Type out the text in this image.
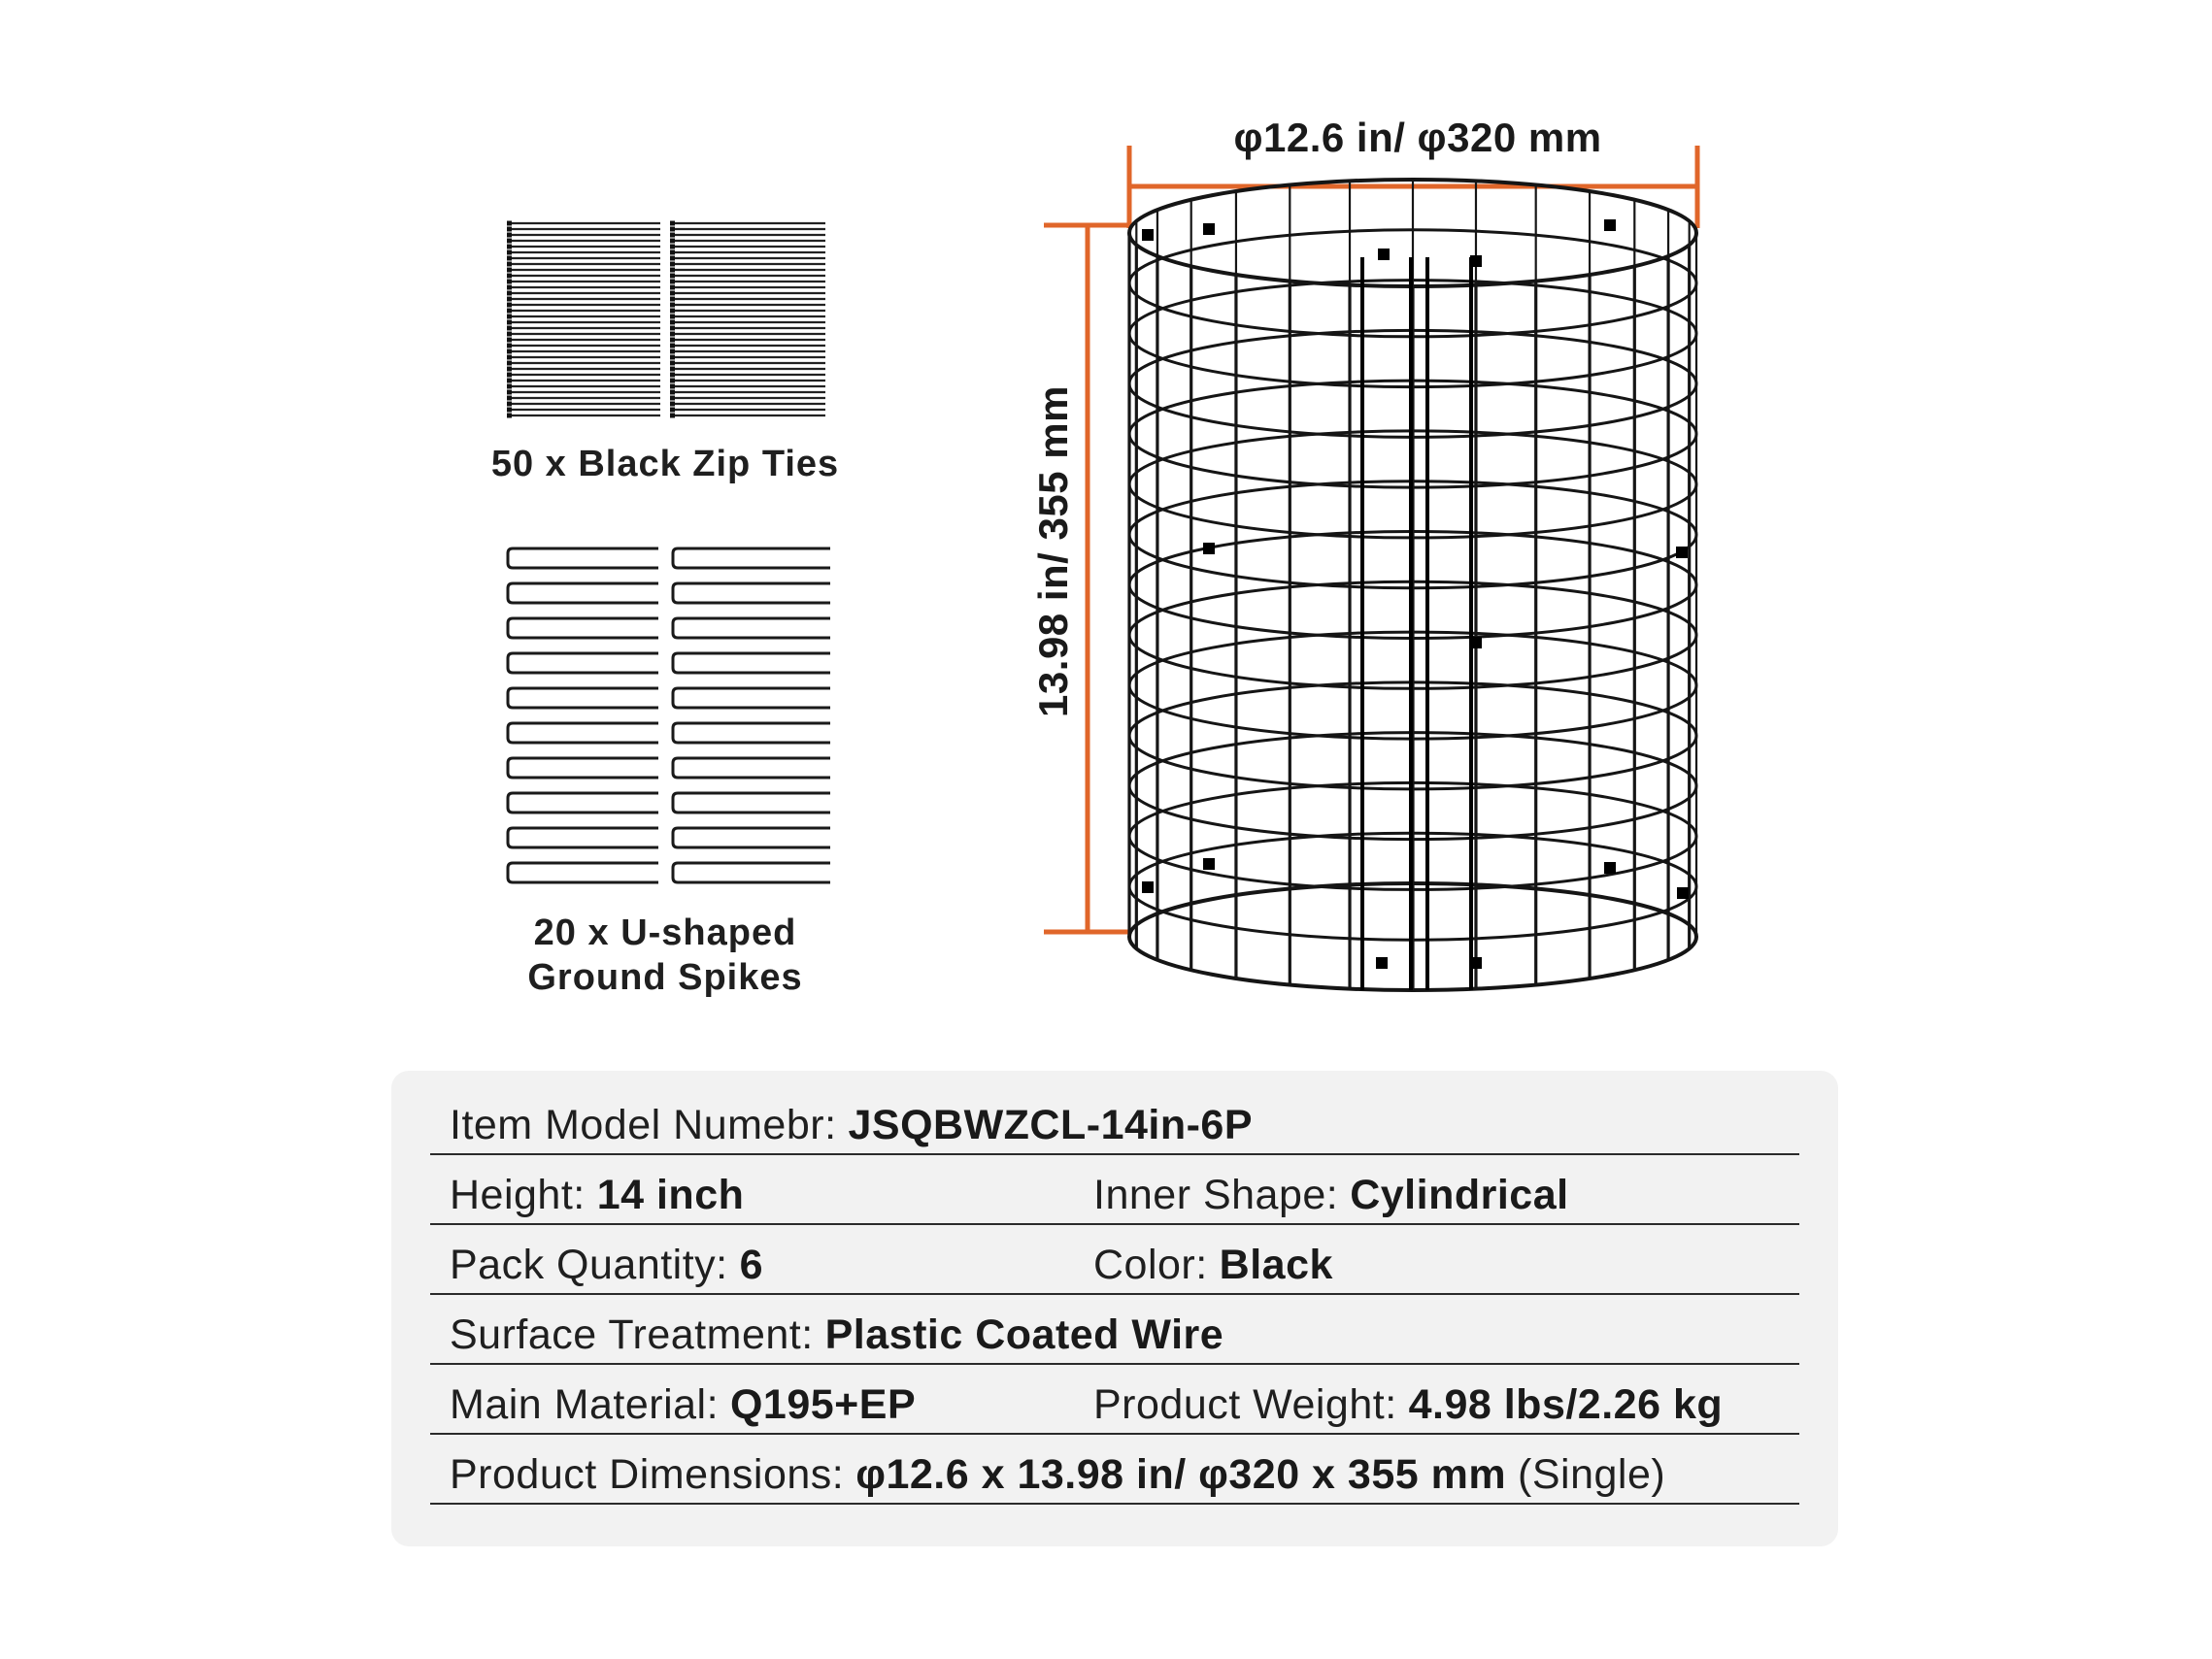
50 x Black Zip Ties
20 x U-shaped
Ground Spikes
φ12.6 in/ φ320 mm
13.98 in/ 355 mm
Item Model Numebr: JSQBWZCL-14in-6P
Height: 14 inch	Inner Shape: Cylindrical
Pack Quantity: 6	Color: Black
Surface Treatment: Plastic Coated Wire
Main Material: Q195+EP	Product Weight: 4.98 lbs/2.26 kg
Product Dimensions: φ12.6 x 13.98 in/ φ320 x 355 mm (Single)
